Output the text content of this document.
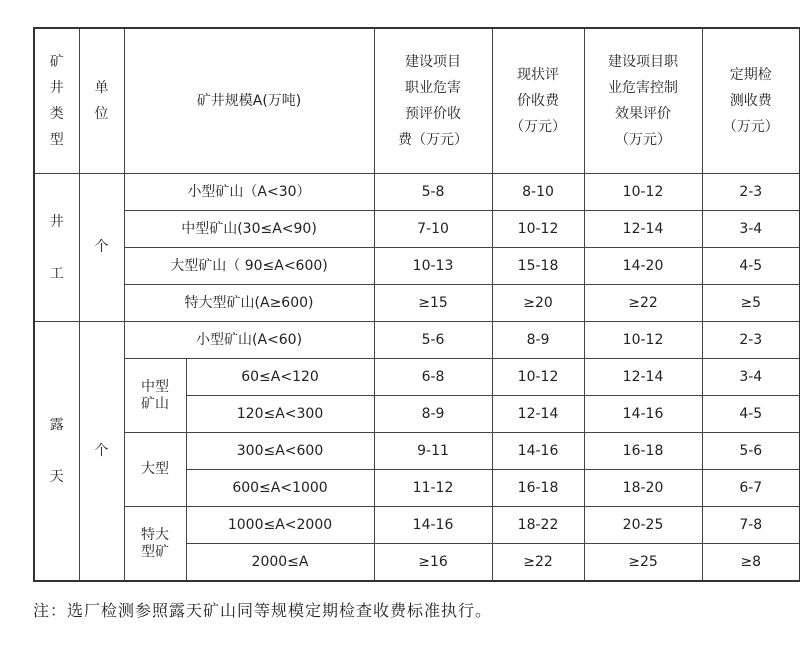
矿
井
类
型	单
位	矿井规模A(万吨)		建设项目
职业危害
预评价收
费（万元）	现状评
价收费
（万元）	建设项目职
业危害控制
效果评价
（万元）	定期检
测收费
（万元）
井

工	个	小型矿山（A<30）		5-8	8-10	10-12	2-3
		中型矿山(30≤A<90)		7-10	10-12	12-14	3-4
		大型矿山（ 90≤A<600)		10-13	15-18	14-20	4-5
		特大型矿山(A≥600)		≥15	≥20	≥22	≥5
露

天	个	小型矿山(A<60)		5-6	8-9	10-12	2-3
		中型
矿山	60≤A<120	6-8	10-12	12-14	3-4
			120≤A<300	8-9	12-14	14-16	4-5
		大型	300≤A<600	9-11	14-16	16-18	5-6
			600≤A<1000	11-12	16-18	18-20	6-7
		特大
型矿	1000≤A<2000	14-16	18-22	20-25	7-8
			2000≤A	≥16	≥22	≥25	≥8
注：选厂检测参照露天矿山同等规模定期检查收费标准执行。
